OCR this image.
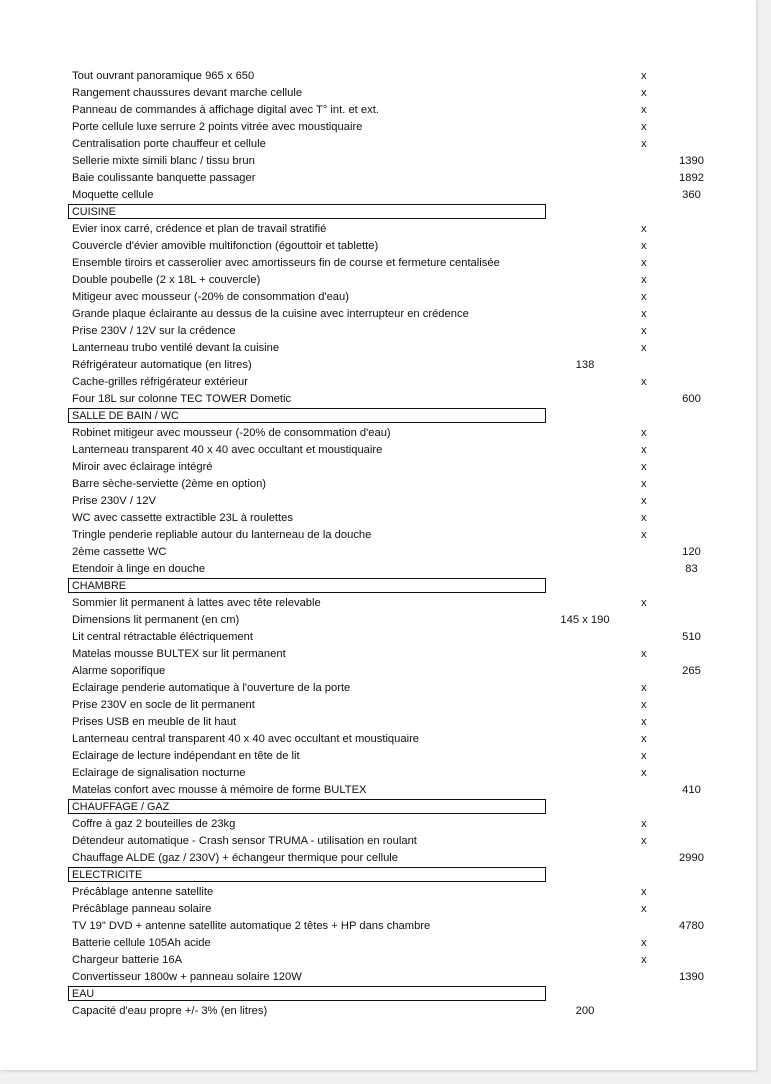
Tout ouvrant panoramique 965 x 650	x
Rangement chaussures devant marche cellule	x
Panneau de commandes à affichage digital avec T° int. et ext.	x
Porte cellule luxe serrure 2 points vitrée avec moustiquaire	x
Centralisation porte chauffeur et cellule	x
Sellerie mixte simili blanc / tissu brun	1390
Baie coulissante banquette passager	1892
Moquette cellule	360
CUISINE
Evier inox carré, crédence et plan de travail stratifié	x
Couvercle d'évier amovible multifonction (égouttoir et tablette)	x
Ensemble tiroirs et casserolier avec amortisseurs fin de course et fermeture centalisée	x
Double poubelle (2 x 18L + couvercle)	x
Mitigeur avec mousseur (-20% de consommation d'eau)	x
Grande plaque éclairante au dessus de la cuisine avec interrupteur en crédence	x
Prise 230V / 12V sur la crédence	x
Lanterneau trubo ventilé devant la cuisine	x
Réfrigérateur automatique (en litres)	138
Cache-grilles réfrigérateur extérieur	x
Four 18L sur colonne TEC TOWER Dometic	600
SALLE DE BAIN / WC
Robinet mitigeur avec mousseur (-20% de consommation d'eau)	x
Lanterneau transparent 40 x 40 avec occultant et moustiquaire	x
Miroir avec éclairage intégré	x
Barre sèche-serviette (2ème en option)	x
Prise 230V / 12V	x
WC avec cassette extractible 23L à roulettes	x
Tringle penderie repliable autour du lanterneau de la douche	x
2ème cassette WC	120
Etendoir à linge en douche	83
CHAMBRE
Sommier lit permanent à lattes avec tête relevable	x
Dimensions lit permanent (en cm)	145 x 190
Lit central rétractable éléctriquement	510
Matelas mousse BULTEX sur lit permanent	x
Alarme soporifique	265
Eclairage penderie automatique à l'ouverture de la porte	x
Prise 230V en socle de lit permanent	x
Prises USB en meuble de lit haut	x
Lanterneau central transparent 40 x 40 avec occultant et moustiquaire	x
Eclairage de lecture indépendant en tête de lit	x
Eclairage de signalisation nocturne	x
Matelas confort avec mousse à mémoire de forme BULTEX	410
CHAUFFAGE / GAZ
Coffre à gaz 2 bouteilles de 23kg	x
Détendeur automatique - Crash sensor TRUMA - utilisation en roulant	x
Chauffage ALDE (gaz / 230V) + échangeur thermique pour cellule	2990
ELECTRICITE
Précâblage antenne satellite	x
Précâblage panneau solaire	x
TV 19" DVD + antenne satellite automatique 2 têtes + HP dans chambre	4780
Batterie cellule 105Ah acide	x
Chargeur batterie 16A	x
Convertisseur 1800w + panneau solaire 120W	1390
EAU
Capacité d'eau propre +/- 3% (en litres)	200
